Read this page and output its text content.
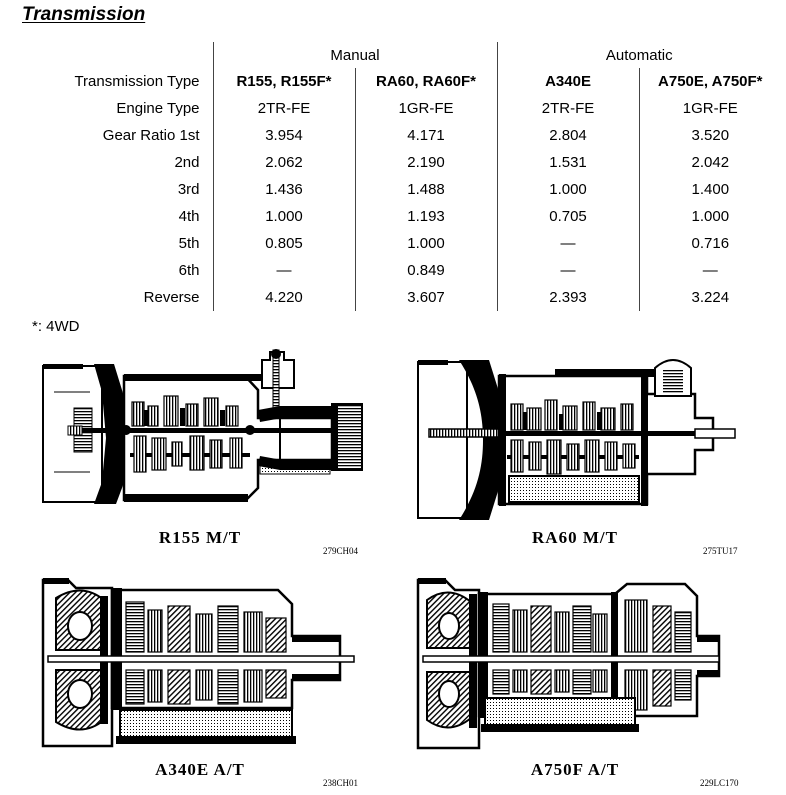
Transmission
	Manual		Automatic	
Transmission Type	R155, R155F*	RA60, RA60F*	A340E	A750E, A750F*
Engine Type	2TR-FE	1GR-FE	2TR-FE	1GR-FE
Gear Ratio 1st	3.954	4.171	2.804	3.520
2nd	2.062	2.190	1.531	2.042
3rd	1.436	1.488	1.000	1.400
4th	1.000	1.193	0.705	1.000
5th	0.805	1.000	—	0.716
6th	—	0.849	—	—
Reverse	4.220	3.607	2.393	3.224
*: 4WD
R155 M/T
279CH04
RA60 M/T
275TU17
A340E A/T
238CH01
A750F A/T
229LC170
